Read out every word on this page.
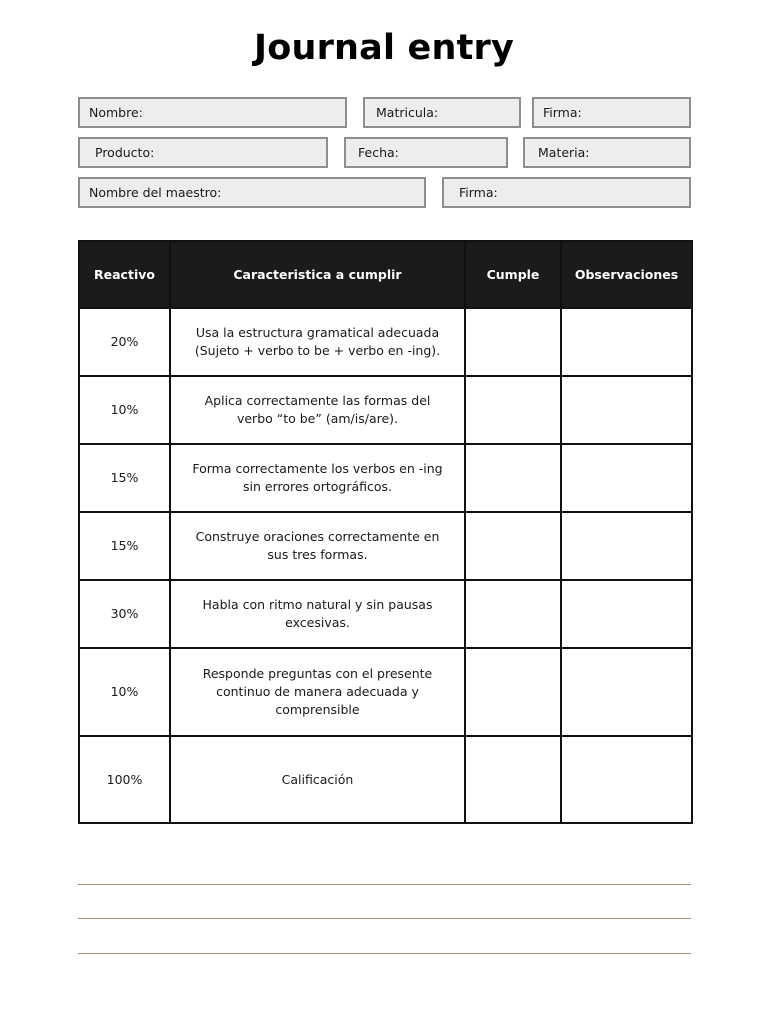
Journal entry
Nombre:	Matricula:	Firma:
Producto:	Fecha:	Materia:
Nombre del maestro:	Firma:
Reactivo	Caracteristica a cumplir	Cumple	Observaciones
20%	Usa la estructura gramatical adecuada (Sujeto + verbo to be + verbo en -ing).		
10%	Aplica correctamente las formas del verbo “to be” (am/is/are).		
15%	Forma correctamente los verbos en -ing sin errores ortográficos.		
15%	Construye oraciones correctamente en sus tres formas.		
30%	Habla con ritmo natural y sin pausas excesivas.		
10%	Responde preguntas con el presente continuo de manera adecuada y comprensible		
100%	Calificación		
